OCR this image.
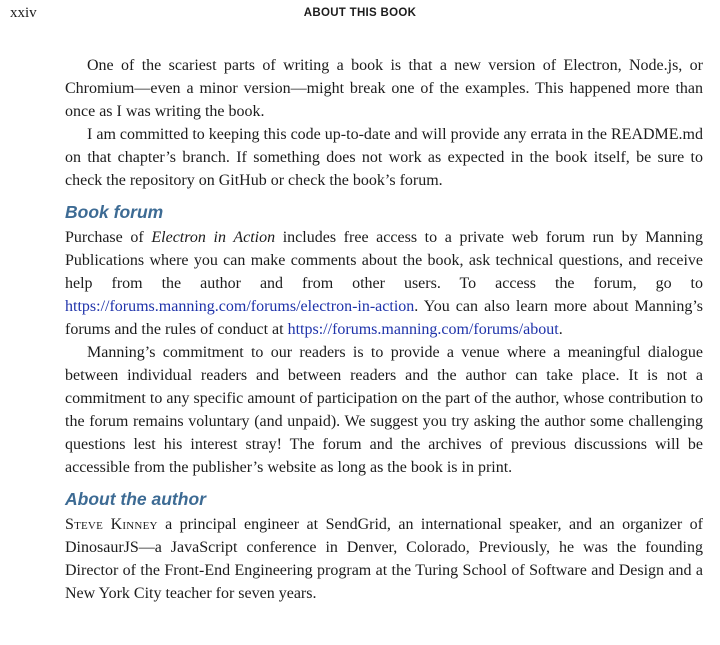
xxiv	ABOUT THIS BOOK

One of the scariest parts of writing a book is that a new version of Electron, Node.js, or Chromium—even a minor version—might break one of the examples. This happened more than once as I was writing the book.

I am committed to keeping this code up-to-date and will provide any errata in the README.md on that chapter’s branch. If something does not work as expected in the book itself, be sure to check the repository on GitHub or check the book’s forum.

Book forum

Purchase of Electron in Action includes free access to a private web forum run by Manning Publications where you can make comments about the book, ask technical questions, and receive help from the author and from other users. To access the forum, go to https://forums.manning.com/forums/electron-in-action. You can also learn more about Manning’s forums and the rules of conduct at https://forums.manning.com/forums/about.

Manning’s commitment to our readers is to provide a venue where a meaningful dialogue between individual readers and between readers and the author can take place. It is not a commitment to any specific amount of participation on the part of the author, whose contribution to the forum remains voluntary (and unpaid). We suggest you try asking the author some challenging questions lest his interest stray! The forum and the archives of previous discussions will be accessible from the publisher’s website as long as the book is in print.

About the author

Steve Kinney a principal engineer at SendGrid, an international speaker, and an organizer of DinosaurJS—a JavaScript conference in Denver, Colorado, Previously, he was the founding Director of the Front-End Engineering program at the Turing School of Software and Design and a New York City teacher for seven years.
